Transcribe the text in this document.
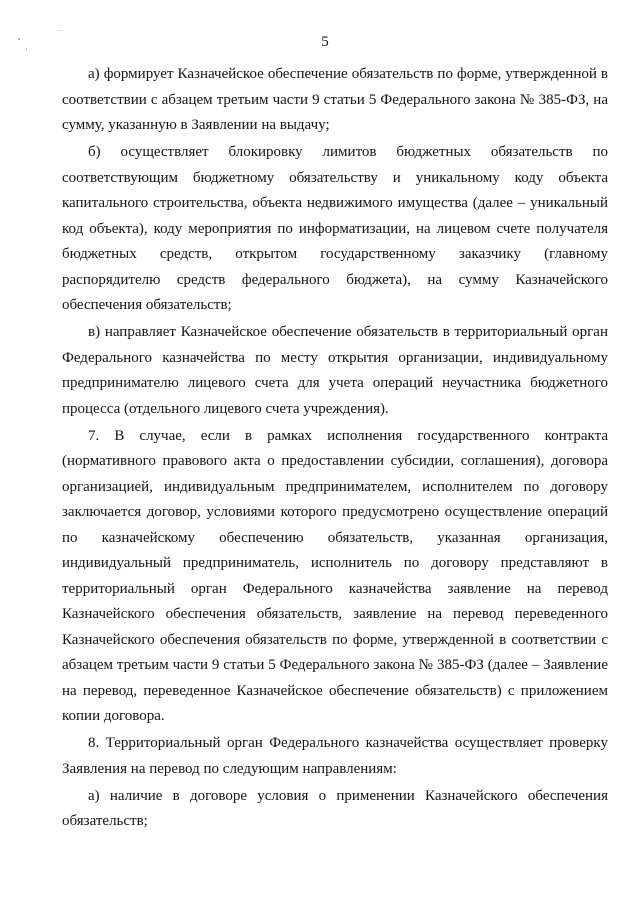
5

а) формирует Казначейское обеспечение обязательств по форме, утвержденной в соответствии с абзацем третьим части 9 статьи 5 Федерального закона № 385-ФЗ, на сумму, указанную в Заявлении на выдачу;

б) осуществляет блокировку лимитов бюджетных обязательств по соответствующим бюджетному обязательству и уникальному коду объекта капитального строительства, объекта недвижимого имущества (далее – уникальный код объекта), коду мероприятия по информатизации, на лицевом счете получателя бюджетных средств, открытом государственному заказчику (главному распорядителю средств федерального бюджета), на сумму Казначейского обеспечения обязательств;

в) направляет Казначейское обеспечение обязательств в территориальный орган Федерального казначейства по месту открытия организации, индивидуальному предпринимателю лицевого счета для учета операций неучастника бюджетного процесса (отдельного лицевого счета учреждения).

7. В случае, если в рамках исполнения государственного контракта (нормативного правового акта о предоставлении субсидии, соглашения), договора организацией, индивидуальным предпринимателем, исполнителем по договору заключается договор, условиями которого предусмотрено осуществление операций по казначейскому обеспечению обязательств, указанная организация, индивидуальный предприниматель, исполнитель по договору представляют в территориальный орган Федерального казначейства заявление на перевод Казначейского обеспечения обязательств, заявление на перевод переведенного Казначейского обеспечения обязательств по форме, утвержденной в соответствии с абзацем третьим части 9 статьи 5 Федерального закона № 385-ФЗ (далее – Заявление на перевод, переведенное Казначейское обеспечение обязательств) с приложением копии договора.

8. Территориальный орган Федерального казначейства осуществляет проверку Заявления на перевод по следующим направлениям:

а) наличие в договоре условия о применении Казначейского обеспечения обязательств;
